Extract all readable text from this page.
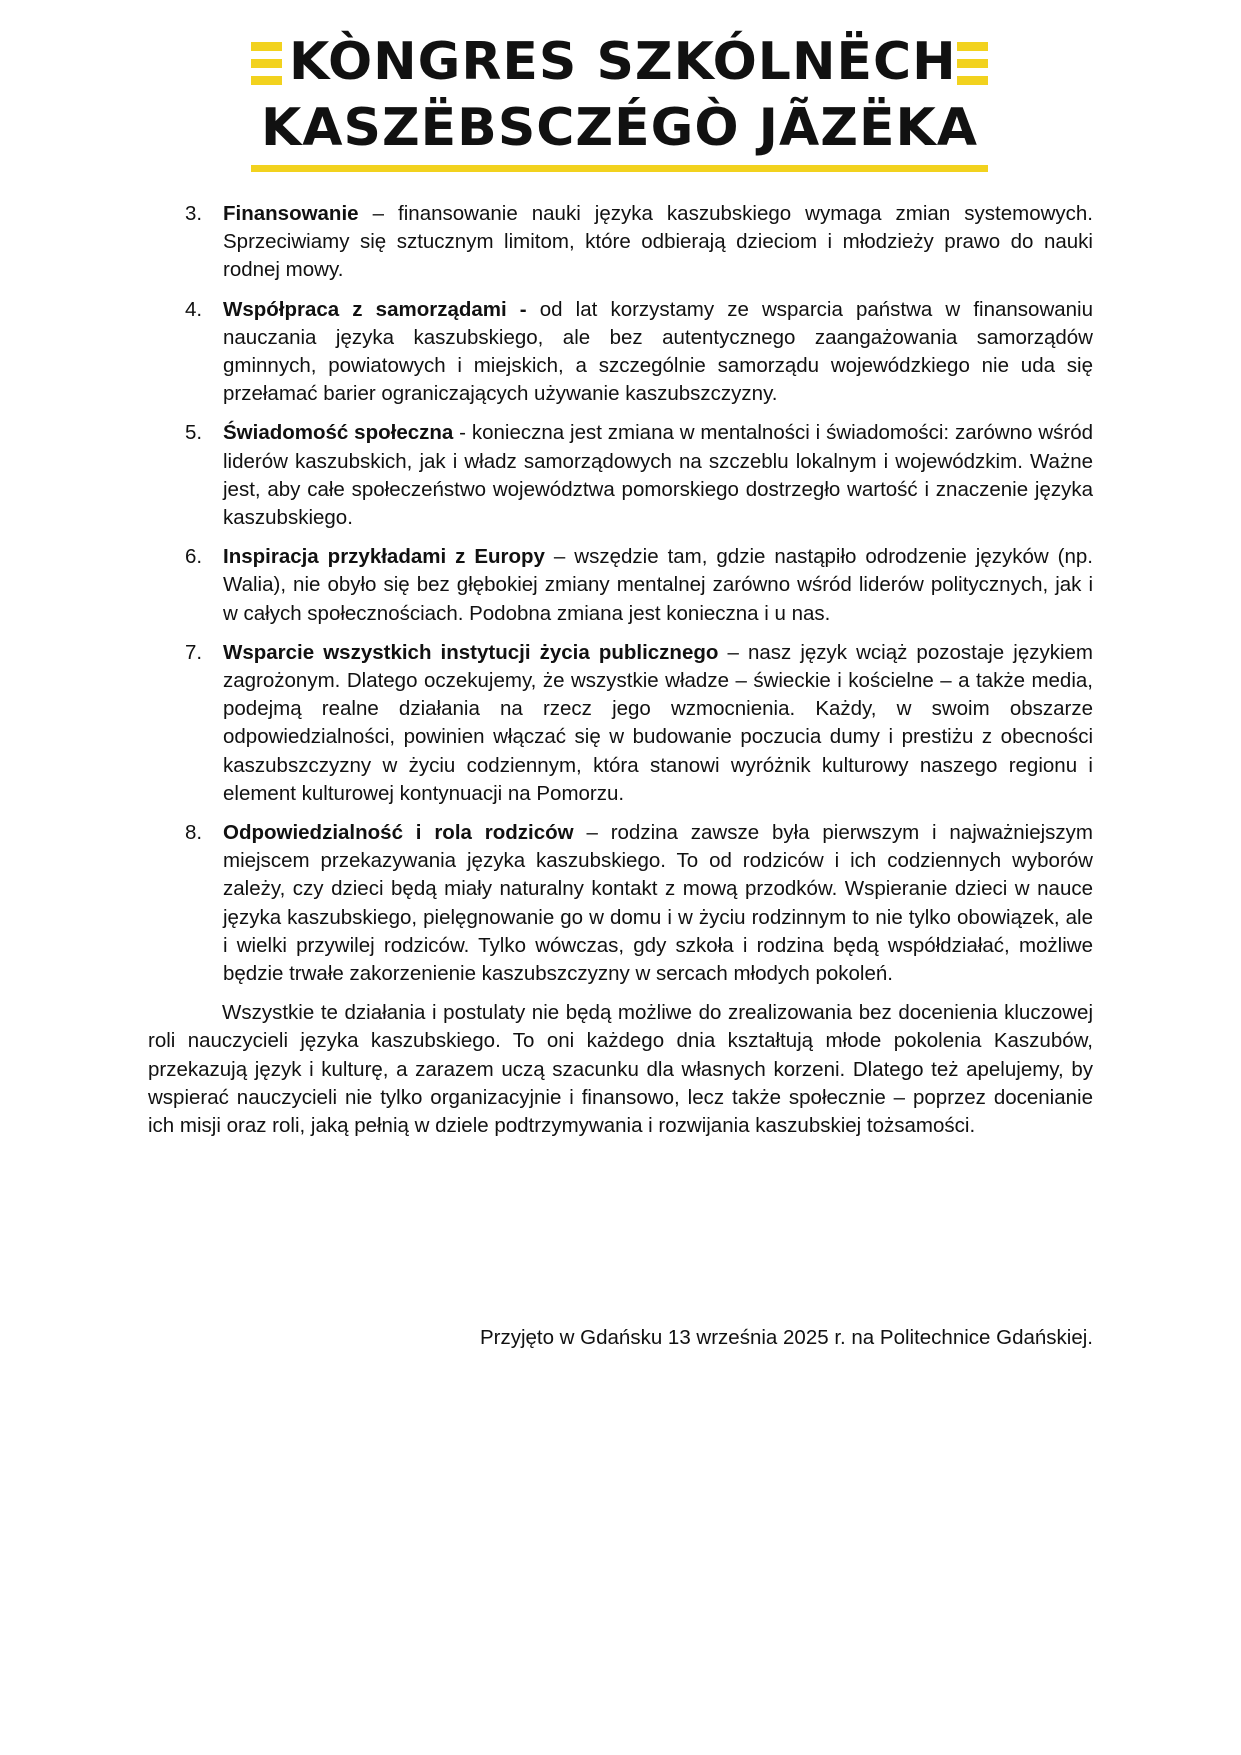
KÒNGRES SZKÓLNËCH
KASZËBSCZÉGÒ JÃZËKA
3. Finansowanie – finansowanie nauki języka kaszubskiego wymaga zmian systemowych. Sprzeciwiamy się sztucznym limitom, które odbierają dzieciom i młodzieży prawo do nauki rodnej mowy.
4. Współpraca z samorządami - od lat korzystamy ze wsparcia państwa w finansowaniu nauczania języka kaszubskiego, ale bez autentycznego zaangażowania samorządów gminnych, powiatowych i miejskich, a szczególnie samorządu wojewódzkiego nie uda się przełamać barier ograniczających używanie kaszubszczyzny.
5. Świadomość społeczna - konieczna jest zmiana w mentalności i świadomości: zarówno wśród liderów kaszubskich, jak i władz samorządowych na szczeblu lokalnym i wojewódzkim. Ważne jest, aby całe społeczeństwo województwa pomorskiego dostrzegło wartość i znaczenie języka kaszubskiego.
6. Inspiracja przykładami z Europy – wszędzie tam, gdzie nastąpiło odrodzenie języków (np. Walia), nie obyło się bez głębokiej zmiany mentalnej zarówno wśród liderów politycznych, jak i w całych społecznościach. Podobna zmiana jest konieczna i u nas.
7. Wsparcie wszystkich instytucji życia publicznego – nasz język wciąż pozostaje językiem zagrożonym. Dlatego oczekujemy, że wszystkie władze – świeckie i kościelne – a także media, podejmą realne działania na rzecz jego wzmocnienia. Każdy, w swoim obszarze odpowiedzialności, powinien włączać się w budowanie poczucia dumy i prestiżu z obecności kaszubszczyzny w życiu codziennym, która stanowi wyróżnik kulturowy naszego regionu i element kulturowej kontynuacji na Pomorzu.
8. Odpowiedzialność i rola rodziców – rodzina zawsze była pierwszym i najważniejszym miejscem przekazywania języka kaszubskiego. To od rodziców i ich codziennych wyborów zależy, czy dzieci będą miały naturalny kontakt z mową przodków. Wspieranie dzieci w nauce języka kaszubskiego, pielęgnowanie go w domu i w życiu rodzinnym to nie tylko obowiązek, ale i wielki przywilej rodziców. Tylko wówczas, gdy szkoła i rodzina będą współdziałać, możliwe będzie trwałe zakorzenienie kaszubszczyzny w sercach młodych pokoleń.

Wszystkie te działania i postulaty nie będą możliwe do zrealizowania bez docenienia kluczowej roli nauczycieli języka kaszubskiego. To oni każdego dnia kształtują młode pokolenia Kaszubów, przekazują język i kulturę, a zarazem uczą szacunku dla własnych korzeni. Dlatego też apelujemy, by wspierać nauczycieli nie tylko organizacyjnie i finansowo, lecz także społecznie – poprzez docenianie ich misji oraz roli, jaką pełnią w dziele podtrzymywania i rozwijania kaszubskiej tożsamości.

Przyjęto w Gdańsku 13 września 2025 r. na Politechnice Gdańskiej.
